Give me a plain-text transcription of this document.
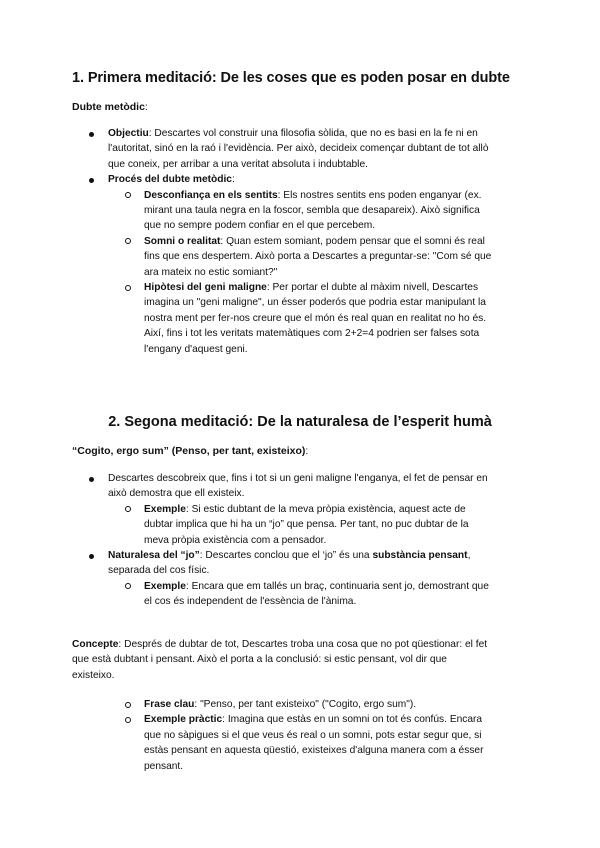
1. Primera meditació: De les coses que es poden posar en dubte
Dubte metòdic:
Objectiu: Descartes vol construir una filosofia sòlida, que no es basi en la fe ni en
l'autoritat, sinó en la raó i l'evidència. Per això, decideix començar dubtant de tot allò
que coneix, per arribar a una veritat absoluta i indubtable.
Procés del dubte metòdic:
Desconfiança en els sentits: Els nostres sentits ens poden enganyar (ex.
mirant una taula negra en la foscor, sembla que desapareix). Això significa
que no sempre podem confiar en el que percebem.
Somni o realitat: Quan estem somiant, podem pensar que el somni és real
fins que ens despertem. Això porta a Descartes a preguntar-se: "Com sé que
ara mateix no estic somiant?"
Hipòtesi del geni maligne: Per portar el dubte al màxim nivell, Descartes
imagina un "geni maligne", un ésser poderós que podria estar manipulant la
nostra ment per fer-nos creure que el món és real quan en realitat no ho és.
Així, fins i tot les veritats matemàtiques com 2+2=4 podrien ser falses sota
l'engany d'aquest geni.
2. Segona meditació: De la naturalesa de l’esperit humà
“Cogito, ergo sum” (Penso, per tant, existeixo):
Descartes descobreix que, fins i tot si un geni maligne l'enganya, el fet de pensar en
això demostra que ell existeix.
Exemple: Si estic dubtant de la meva pròpia existència, aquest acte de
dubtar implica que hi ha un “jo” que pensa. Per tant, no puc dubtar de la
meva pròpia existència com a pensador.
Naturalesa del “jo”: Descartes conclou que el ‘jo” és una substància pensant,
separada del cos físic.
Exemple: Encara que em tallés un braç, continuaria sent jo, demostrant que
el cos és independent de l'essència de l'ànima.
Concepte: Després de dubtar de tot, Descartes troba una cosa que no pot qüestionar: el fet
que està dubtant i pensant. Això el porta a la conclusió: si estic pensant, vol dir que
existeixo.
Frase clau: "Penso, per tant existeixo" ("Cogito, ergo sum").
Exemple pràctic: Imagina que estàs en un somni on tot és confús. Encara
que no sàpigues si el que veus és real o un somni, pots estar segur que, si
estàs pensant en aquesta qüestió, existeixes d'alguna manera com a ésser
pensant.
